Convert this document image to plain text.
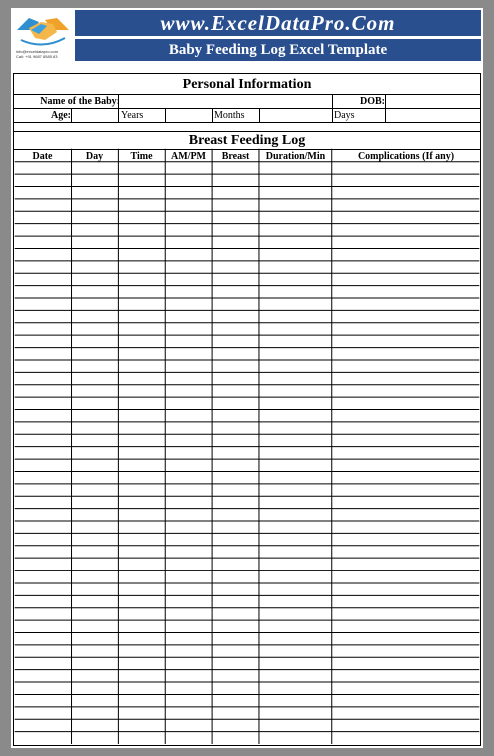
info@exceldatapro.com
Call: +91 9687 8585 63
www.ExcelDataPro.Com
Baby Feeding Log Excel Template
Personal Information
Name of the Baby:	DOB:
Age:	Years	Months	Days
Breast Feeding Log
Date	Day	Time	AM/PM	Breast	Duration/Min	Complications (If any)
